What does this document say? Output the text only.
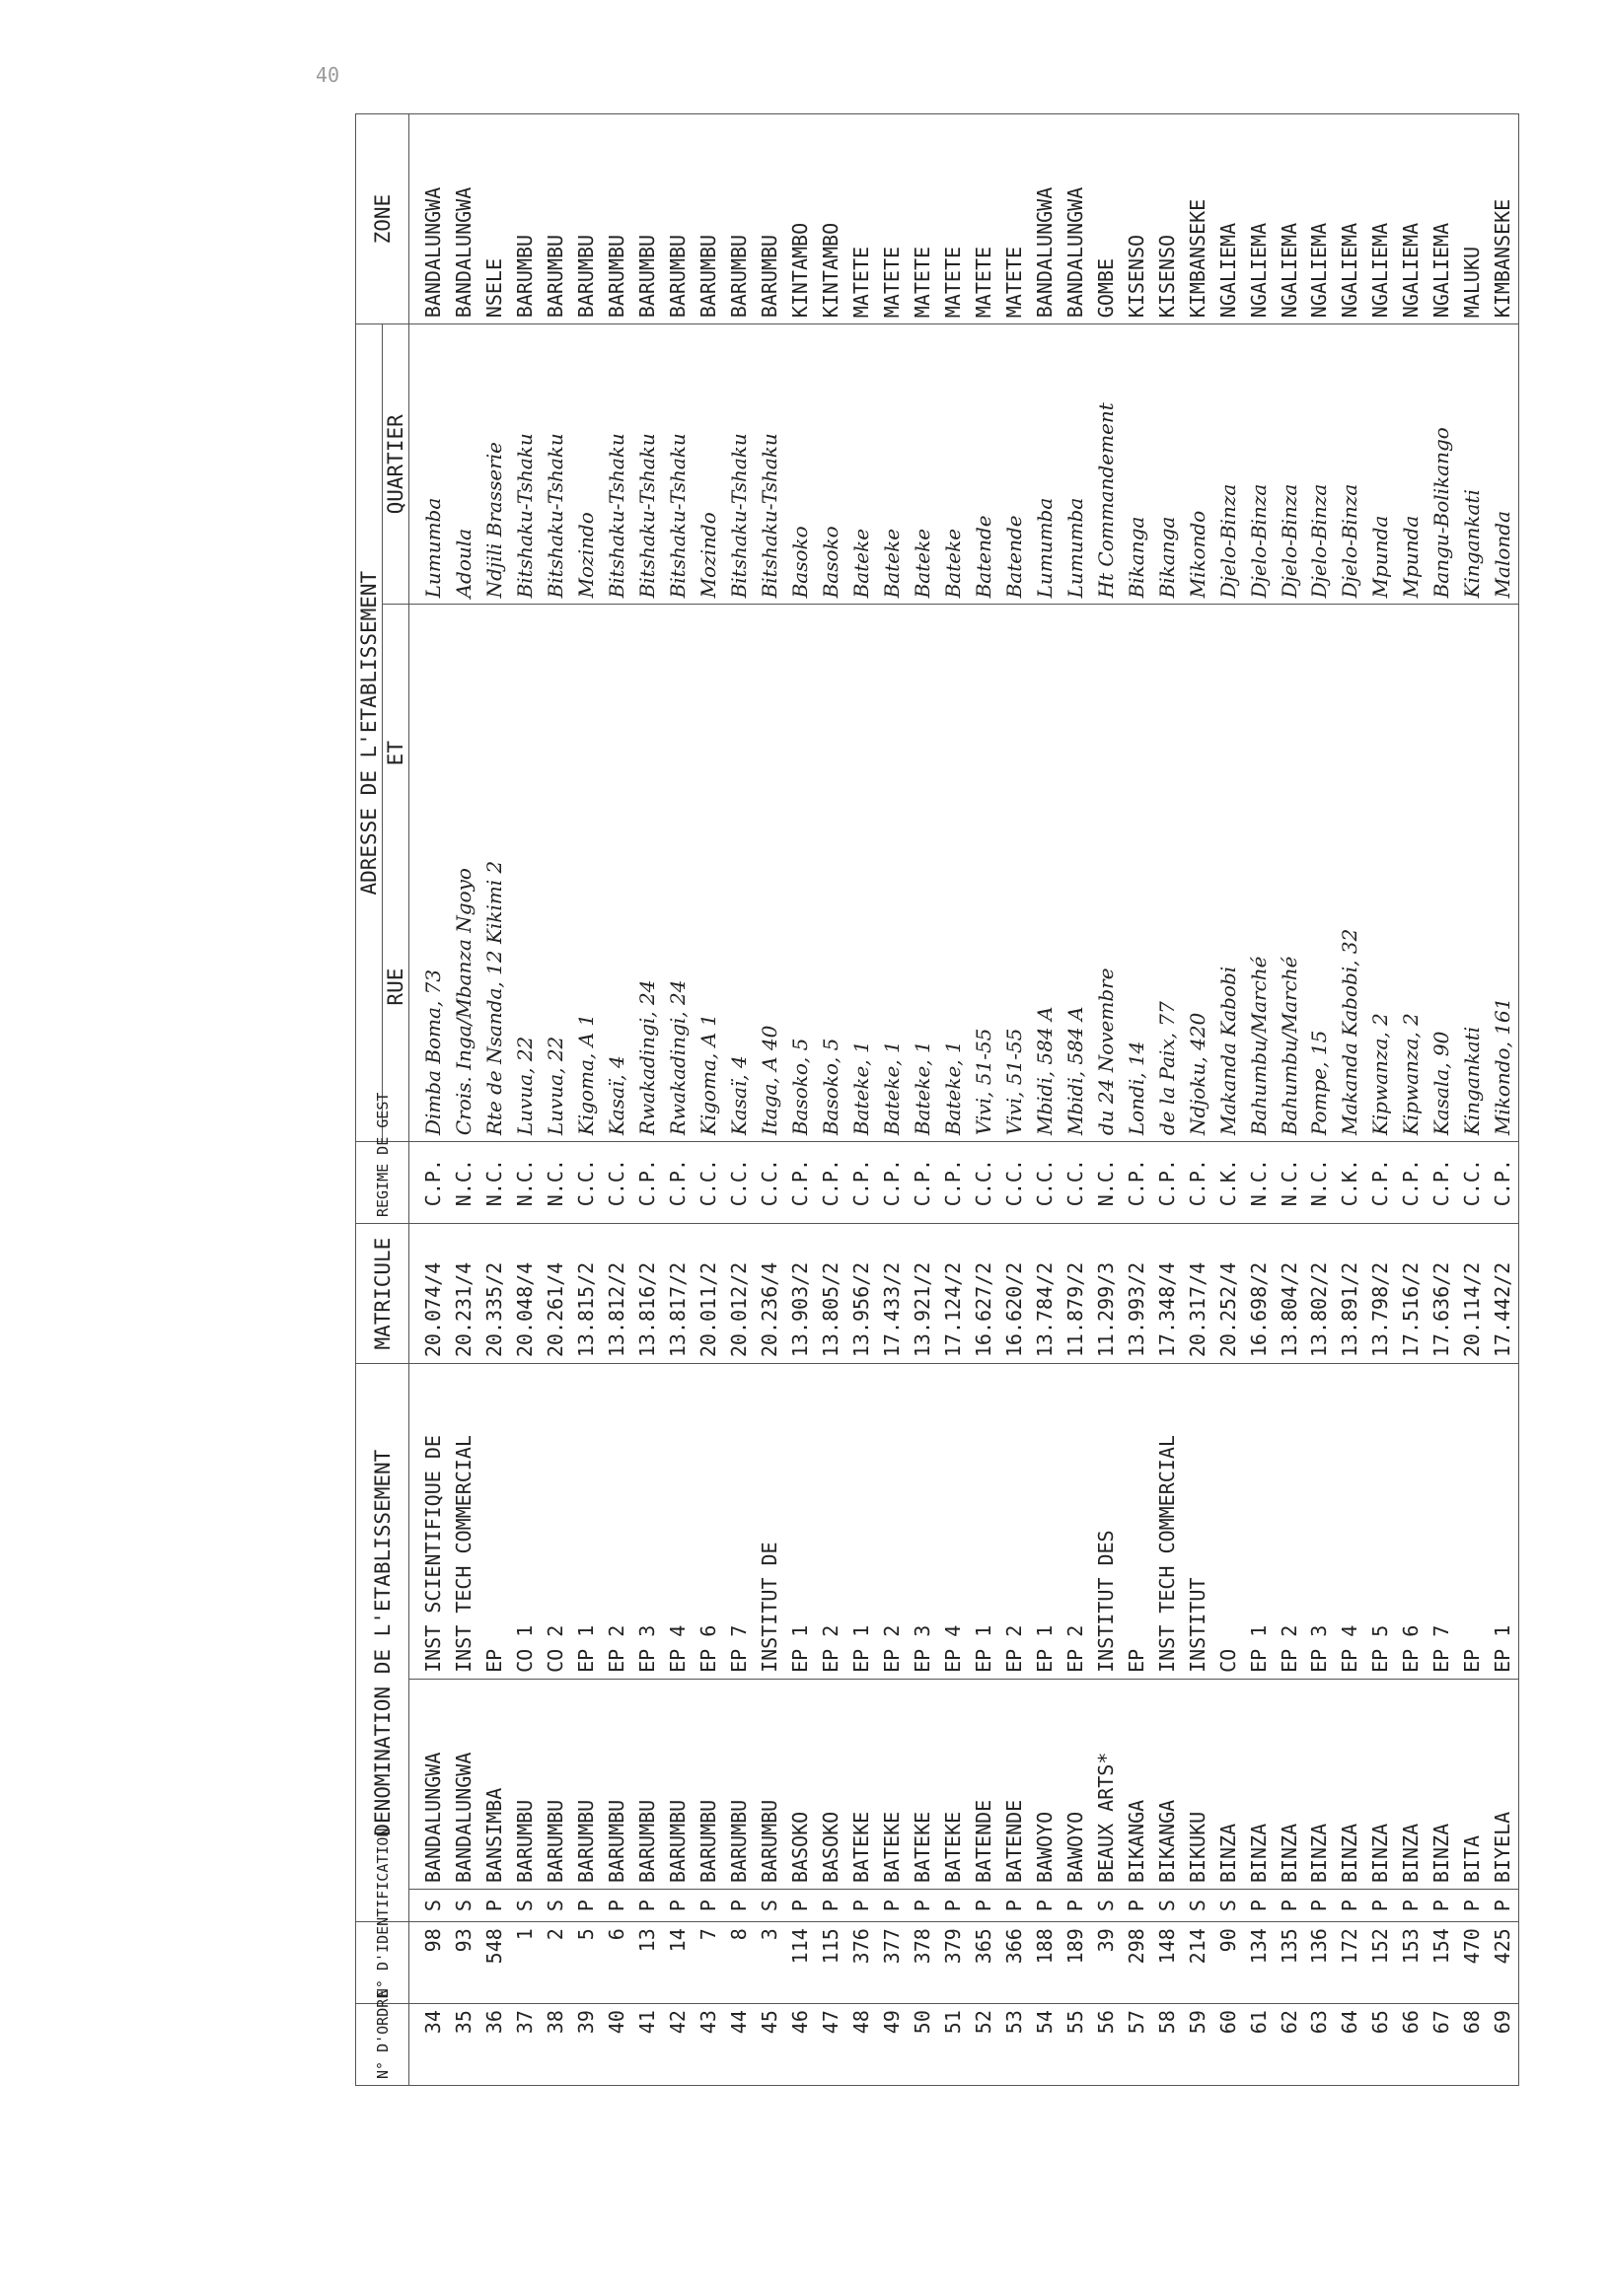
40
N° D'ORDRE	N° D'IDENTIFICATION	DENOMINATION DE L'ETABLISSEMENT			MATRICULE	REGIME DE GEST	ADRESSE DE L'ETABLISSEMENT		ZONE
							RUE  ET	QUARTIER	
34	98	S	BANDALUNGWA	INST SCIENTIFIQUE DE	20.074/4	C.P.	Dimba Boma, 73	Lumumba	BANDALUNGWA
35	93	S	BANDALUNGWA	INST TECH COMMERCIAL	20.231/4	N.C.	Crois. Inga/Mbanza Ngoyo	Adoula	BANDALUNGWA
36	548	P	BANSIMBA	EP	20.335/2	N.C.	Rte de Nsanda, 12 Kikimi 2	Ndjili Brasserie	NSELE
37	1	S	BARUMBU	CO 1	20.048/4	N.C.	Luvua, 22	Bitshaku-Tshaku	BARUMBU
38	2	S	BARUMBU	CO 2	20.261/4	N.C.	Luvua, 22	Bitshaku-Tshaku	BARUMBU
39	5	P	BARUMBU	EP 1	13.815/2	C.C.	Kigoma, A 1	Mozindo	BARUMBU
40	6	P	BARUMBU	EP 2	13.812/2	C.C.	Kasaï, 4	Bitshaku-Tshaku	BARUMBU
41	13	P	BARUMBU	EP 3	13.816/2	C.P.	Rwakadingi, 24	Bitshaku-Tshaku	BARUMBU
42	14	P	BARUMBU	EP 4	13.817/2	C.P.	Rwakadingi, 24	Bitshaku-Tshaku	BARUMBU
43	7	P	BARUMBU	EP 6	20.011/2	C.C.	Kigoma, A 1	Mozindo	BARUMBU
44	8	P	BARUMBU	EP 7	20.012/2	C.C.	Kasaï, 4	Bitshaku-Tshaku	BARUMBU
45	3	S	BARUMBU	INSTITUT DE	20.236/4	C.C.	Itaga, A 40	Bitshaku-Tshaku	BARUMBU
46	114	P	BASOKO	EP 1	13.903/2	C.P.	Basoko, 5	Basoko	KINTAMBO
47	115	P	BASOKO	EP 2	13.805/2	C.P.	Basoko, 5	Basoko	KINTAMBO
48	376	P	BATEKE	EP 1	13.956/2	C.P.	Bateke, 1	Bateke	MATETE
49	377	P	BATEKE	EP 2	17.433/2	C.P.	Bateke, 1	Bateke	MATETE
50	378	P	BATEKE	EP 3	13.921/2	C.P.	Bateke, 1	Bateke	MATETE
51	379	P	BATEKE	EP 4	17.124/2	C.P.	Bateke, 1	Bateke	MATETE
52	365	P	BATENDE	EP 1	16.627/2	C.C.	Vivi, 51-55	Batende	MATETE
53	366	P	BATENDE	EP 2	16.620/2	C.C.	Vivi, 51-55	Batende	MATETE
54	188	P	BAWOYO	EP 1	13.784/2	C.C.	Mbidi, 584 A	Lumumba	BANDALUNGWA
55	189	P	BAWOYO	EP 2	11.879/2	C.C.	Mbidi, 584 A	Lumumba	BANDALUNGWA
56	39	S	BEAUX ARTS*	INSTITUT DES	11.299/3	N.C.	du 24 Novembre	Ht Commandement	GOMBE
57	298	P	BIKANGA	EP	13.993/2	C.P.	Londi, 14	Bikanga	KISENSO
58	148	S	BIKANGA	INST TECH COMMERCIAL	17.348/4	C.P.	de la Paix, 77	Bikanga	KISENSO
59	214	S	BIKUKU	INSTITUT	20.317/4	C.P.	Ndjoku, 420	Mikondo	KIMBANSEKE
60	90	S	BINZA	CO	20.252/4	C.K.	Makanda Kabobi	Djelo-Binza	NGALIEMA
61	134	P	BINZA	EP 1	16.698/2	N.C.	Bahumbu/Marché	Djelo-Binza	NGALIEMA
62	135	P	BINZA	EP 2	13.804/2	N.C.	Bahumbu/Marché	Djelo-Binza	NGALIEMA
63	136	P	BINZA	EP 3	13.802/2	N.C.	Pompe, 15	Djelo-Binza	NGALIEMA
64	172	P	BINZA	EP 4	13.891/2	C.K.	Makanda Kabobi, 32	Djelo-Binza	NGALIEMA
65	152	P	BINZA	EP 5	13.798/2	C.P.	Kipwanza, 2	Mpunda	NGALIEMA
66	153	P	BINZA	EP 6	17.516/2	C.P.	Kipwanza, 2	Mpunda	NGALIEMA
67	154	P	BINZA	EP 7	17.636/2	C.P.	Kasala, 90	Bangu-Bolikango	NGALIEMA
68	470	P	BITA	EP	20.114/2	C.C.	Kingankati	Kingankati	MALUKU
69	425	P	BIYELA	EP 1	17.442/2	C.P.	Mikondo, 161	Malonda	KIMBANSEKE
